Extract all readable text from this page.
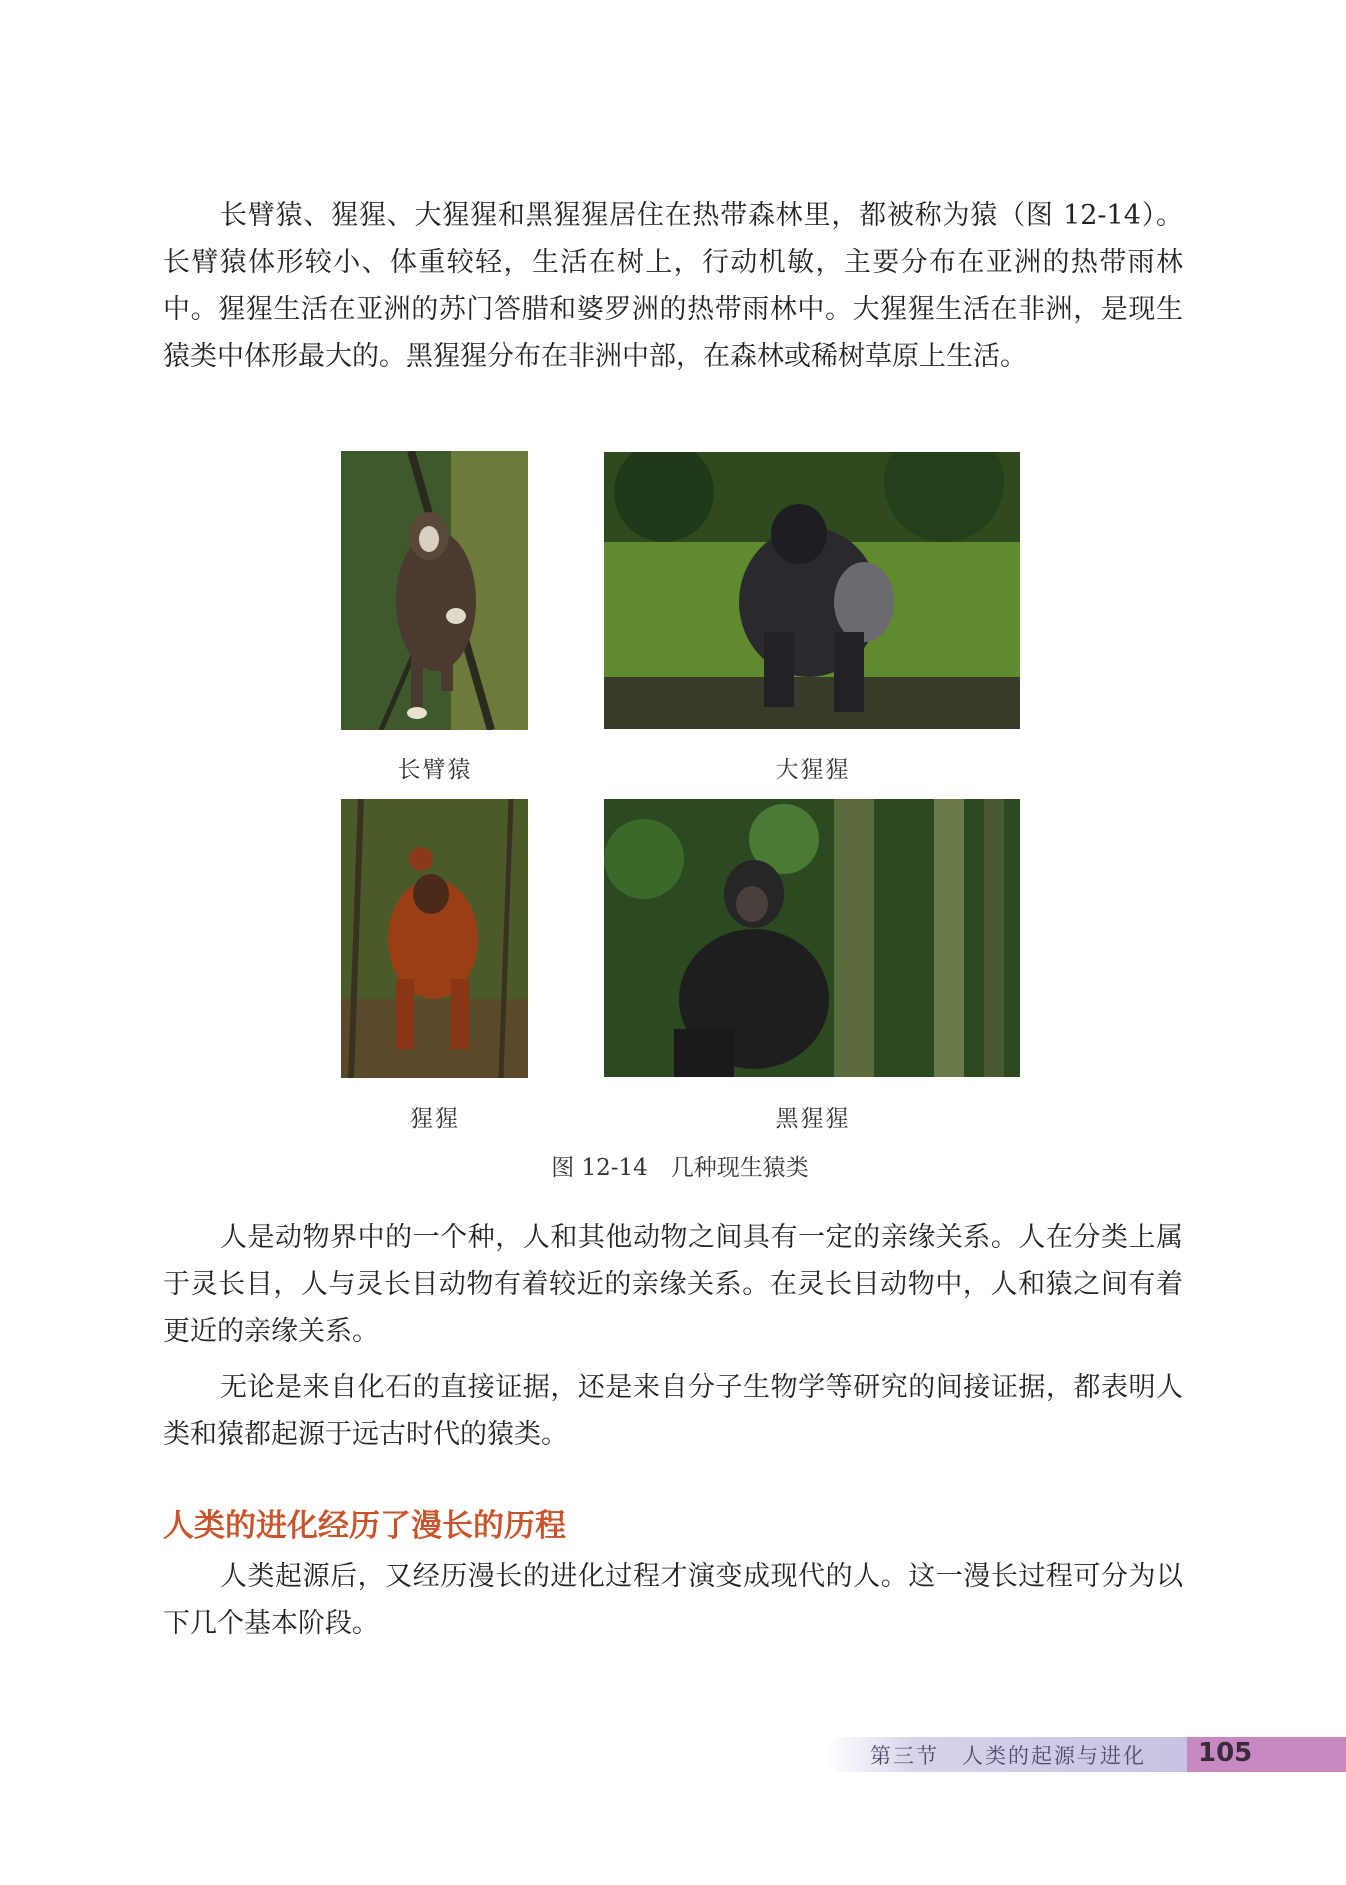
长臂猿、猩猩、大猩猩和黑猩猩居住在热带森林里，都被称为猿（图 12-14）。长臂猿体形较小、体重较轻，生活在树上，行动机敏，主要分布在亚洲的热带雨林中。猩猩生活在亚洲的苏门答腊和婆罗洲的热带雨林中。大猩猩生活在非洲，是现生猿类中体形最大的。黑猩猩分布在非洲中部，在森林或稀树草原上生活。

长臂猿	大猩猩
猩猩	黑猩猩
图 12-14　几种现生猿类

人是动物界中的一个种，人和其他动物之间具有一定的亲缘关系。人在分类上属于灵长目，人与灵长目动物有着较近的亲缘关系。在灵长目动物中，人和猿之间有着更近的亲缘关系。

无论是来自化石的直接证据，还是来自分子生物学等研究的间接证据，都表明人类和猿都起源于远古时代的猿类。

人类的进化经历了漫长的历程

人类起源后，又经历漫长的进化过程才演变成现代的人。这一漫长过程可分为以下几个基本阶段。

第三节　人类的起源与进化 105
